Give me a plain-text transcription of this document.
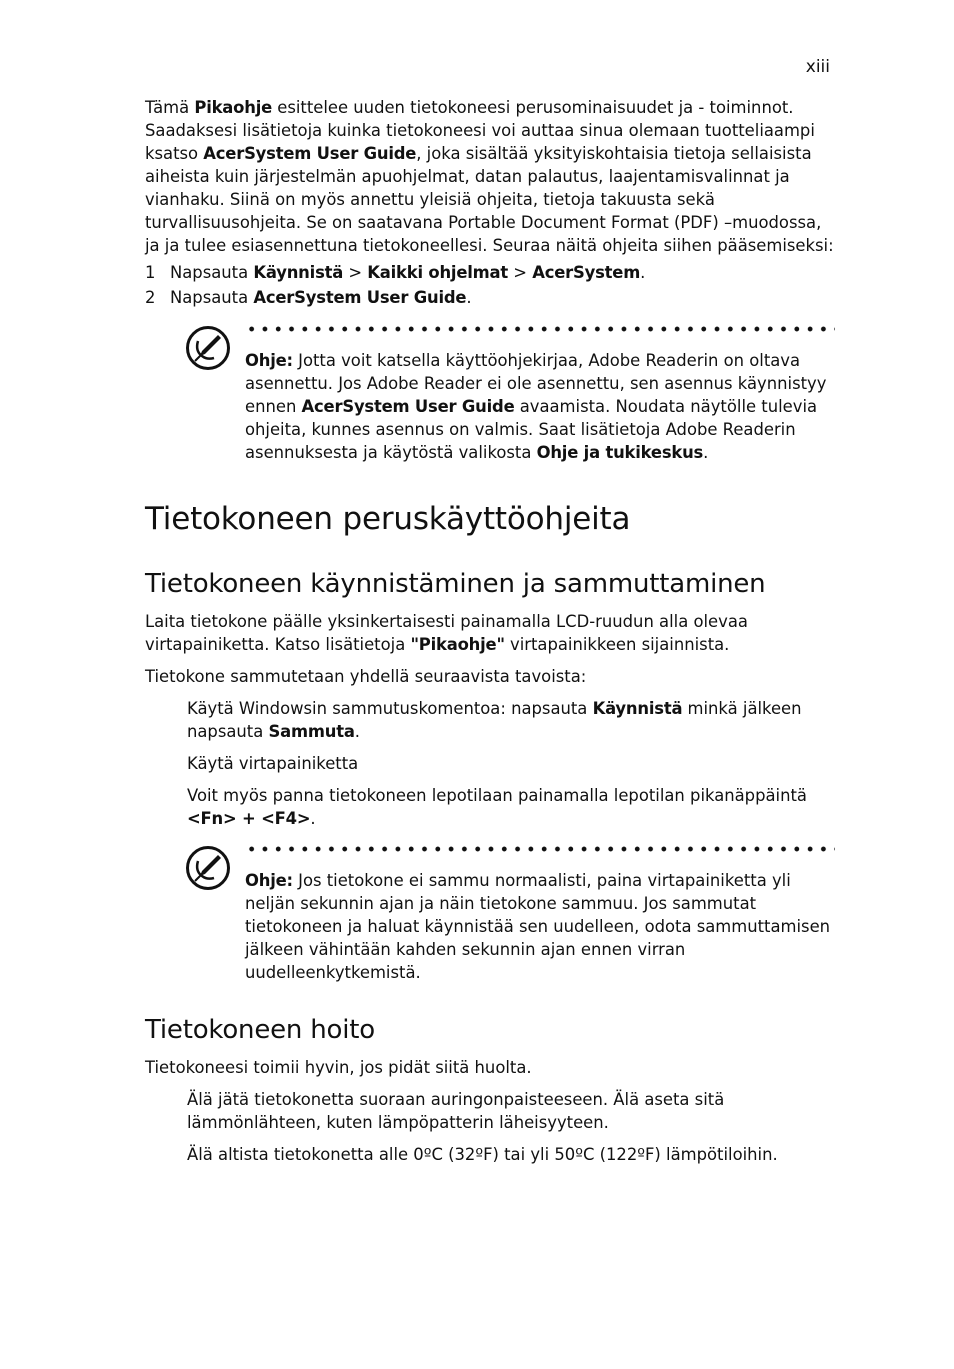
xiii

Tämä Pikaohje esittelee uuden tietokoneesi perusominaisuudet ja - toiminnot. Saadaksesi lisätietoja kuinka tietokoneesi voi auttaa sinua olemaan tuotteliaampi ksatso AcerSystem User Guide, joka sisältää yksityiskohtaisia tietoja sellaisista aiheista kuin järjestelmän apuohjelmat, datan palautus, laajentamisvalinnat ja vianhaku. Siinä on myös annettu yleisiä ohjeita, tietoja takuusta sekä turvallisuusohjeita. Se on saatavana Portable Document Format (PDF) –muodossa, ja ja tulee esiasennettuna tietokoneellesi. Seuraa näitä ohjeita siihen pääsemiseksi:

1 Napsauta Käynnistä > Kaikki ohjelmat > AcerSystem.
2 Napsauta AcerSystem User Guide.

Ohje: Jotta voit katsella käyttöohjekirjaa, Adobe Readerin on oltava asennettu. Jos Adobe Reader ei ole asennettu, sen asennus käynnistyy ennen AcerSystem User Guide avaamista. Noudata näytölle tulevia ohjeita, kunnes asennus on valmis. Saat lisätietoja Adobe Readerin asennuksesta ja käytöstä valikosta Ohje ja tukikeskus.

Tietokoneen peruskäyttöohjeita
Tietokoneen käynnistäminen ja sammuttaminen

Laita tietokone päälle yksinkertaisesti painamalla LCD-ruudun alla olevaa virtapainiketta. Katso lisätietoja "Pikaohje" virtapainikkeen sijainnista.

Tietokone sammutetaan yhdellä seuraavista tavoista:

Käytä Windowsin sammutuskomentoa: napsauta Käynnistä minkä jälkeen napsauta Sammuta.

Käytä virtapainiketta

Voit myös panna tietokoneen lepotilaan painamalla lepotilan pikanäppäintä <Fn> + <F4>.

Ohje: Jos tietokone ei sammu normaalisti, paina virtapainiketta yli neljän sekunnin ajan ja näin tietokone sammuu. Jos sammutat tietokoneen ja haluat käynnistää sen uudelleen, odota sammuttamisen jälkeen vähintään kahden sekunnin ajan ennen virran uudelleenkytkemistä.

Tietokoneen hoito

Tietokoneesi toimii hyvin, jos pidät siitä huolta.

Älä jätä tietokonetta suoraan auringonpaisteeseen. Älä aseta sitä lämmönlähteen, kuten lämpöpatterin läheisyyteen.

Älä altista tietokonetta alle 0ºC (32ºF) tai yli 50ºC (122ºF) lämpötiloihin.
